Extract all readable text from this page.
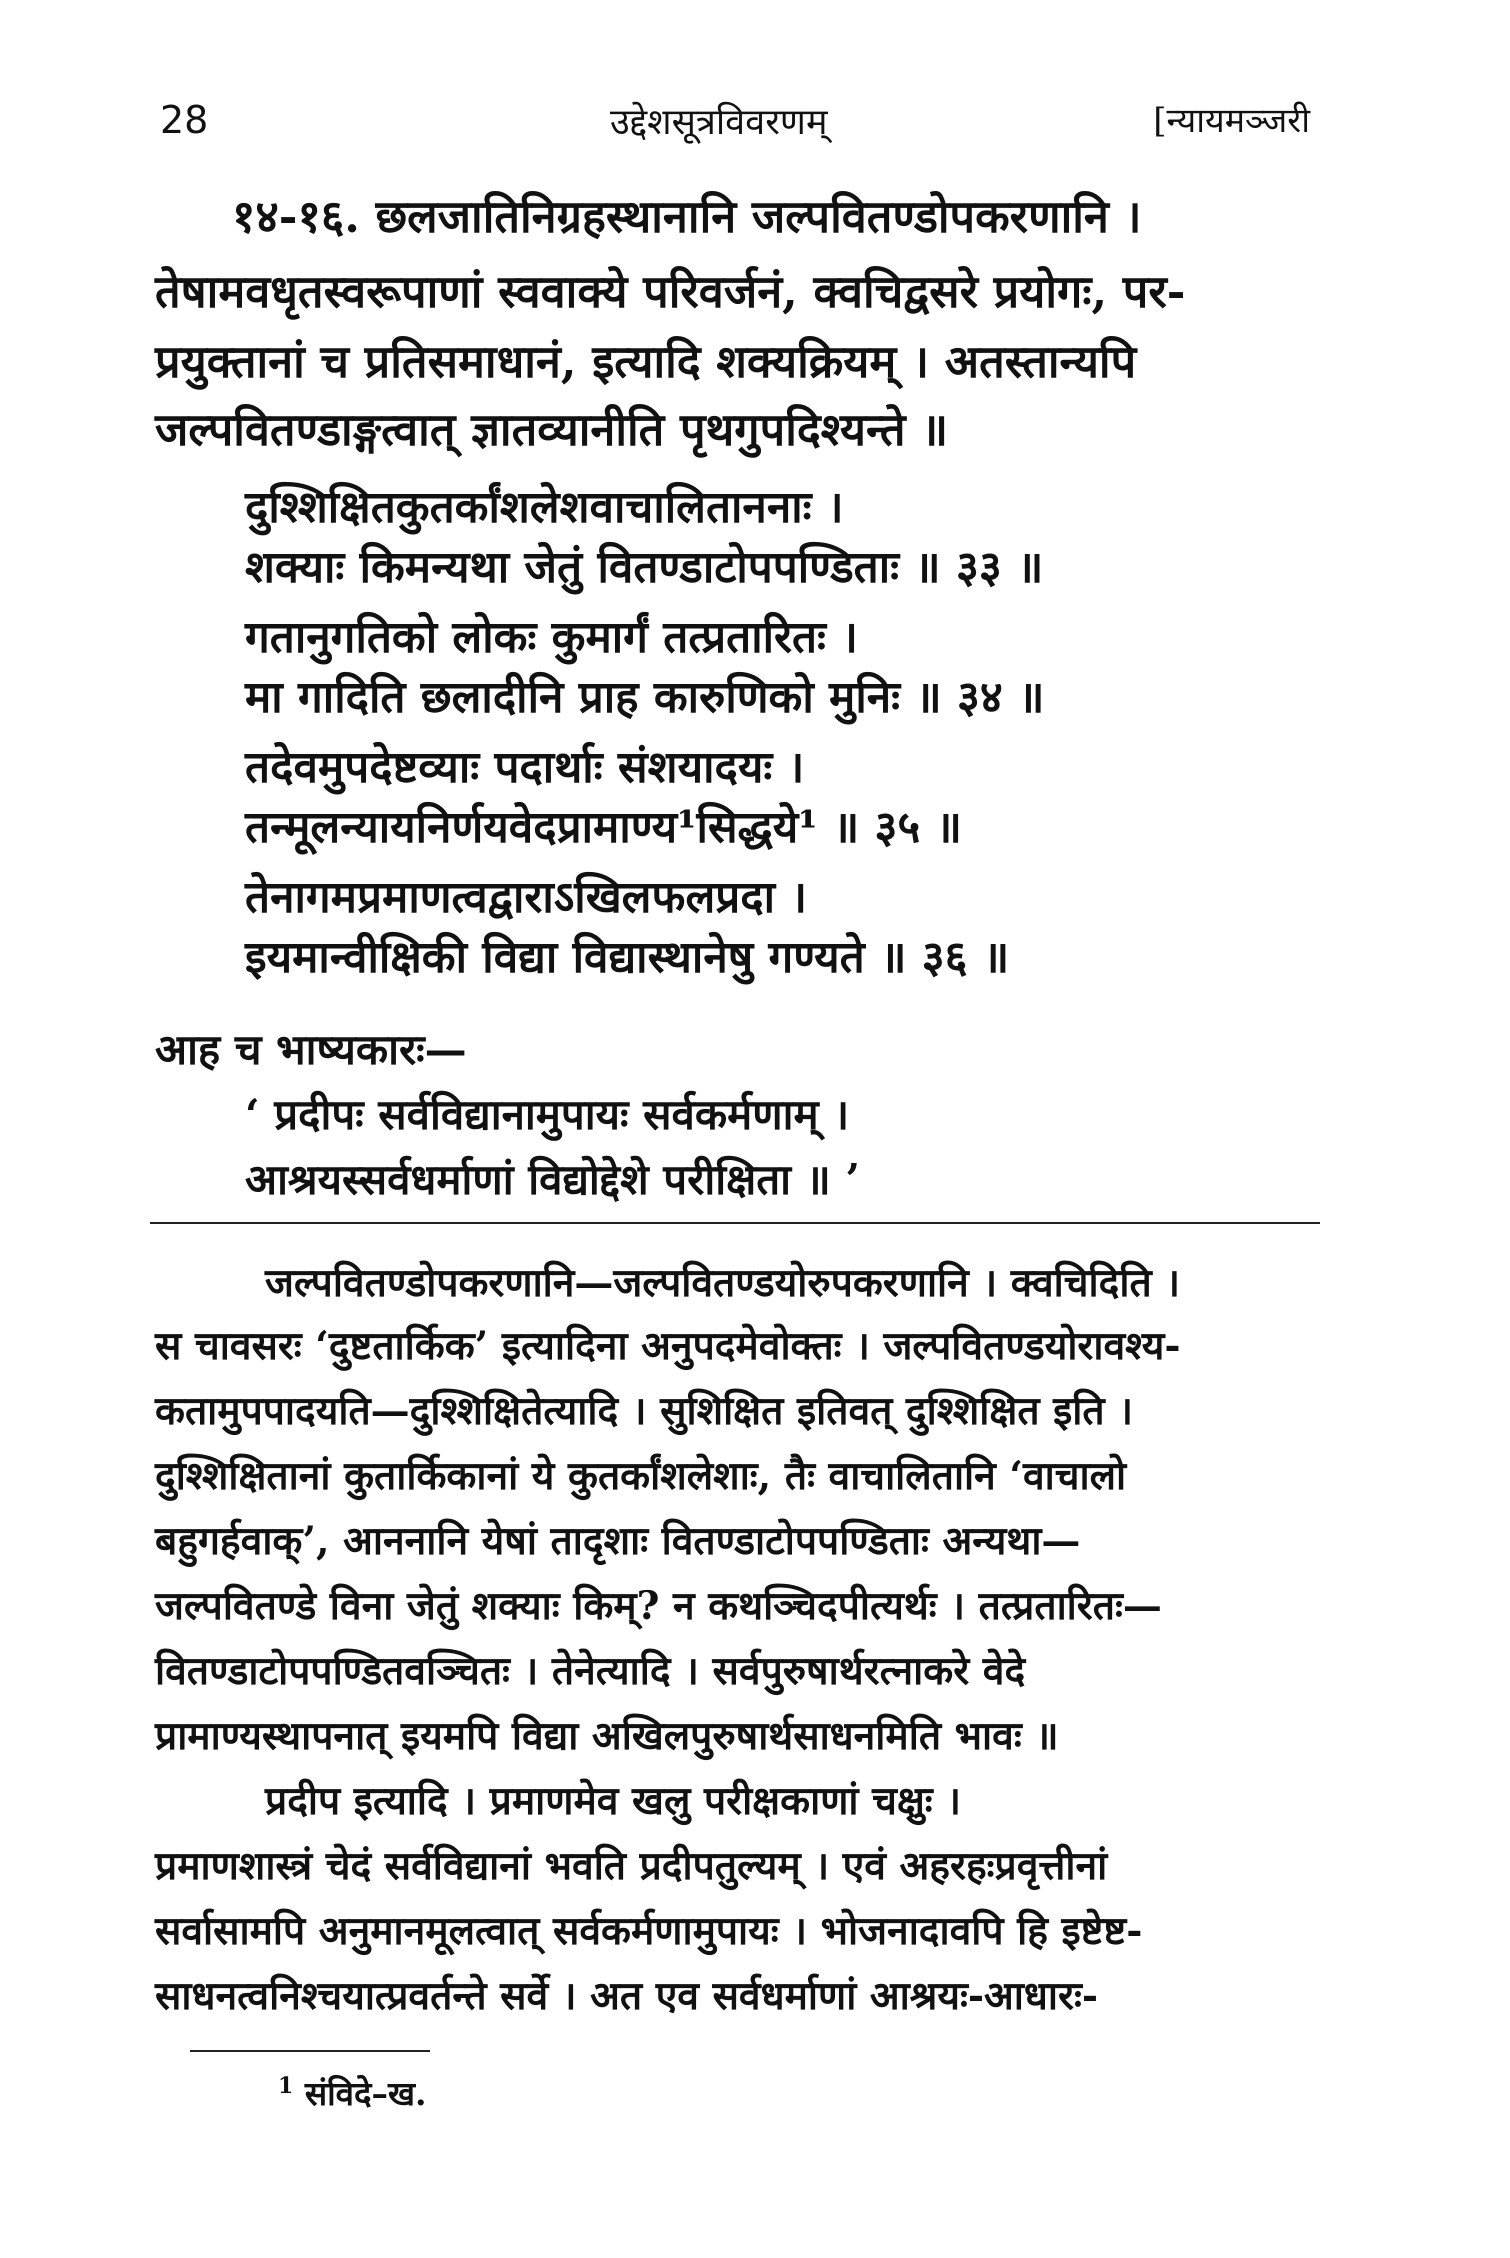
28	उद्देशसूत्रविवरणम्	[न्यायमञ्जरी
१४-१६. छलजातिनिग्रहस्थानानि जल्पवितण्डोपकरणानि ।
तेषामवधृतस्वरूपाणां स्ववाक्ये परिवर्जनं, क्वचिद्वसरे प्रयोगः, पर-
प्रयुक्तानां च प्रतिसमाधानं, इत्यादि शक्यक्रियम् । अतस्तान्यपि
जल्पवितण्डाङ्गत्वात् ज्ञातव्यानीति पृथगुपदिश्यन्ते ॥
दुश्शिक्षितकुतर्कांशलेशवाचालिताननाः ।
शक्याः किमन्यथा जेतुं वितण्डाटोपपण्डिताः ॥ ३३ ॥
गतानुगतिको लोकः कुमार्गं तत्प्रतारितः ।
मा गादिति छलादीनि प्राह कारुणिको मुनिः ॥ ३४ ॥
तदेवमुपदेष्टव्याः पदार्थाः संशयादयः ।
तन्मूलन्यायनिर्णयवेदप्रामाण्य¹सिद्धये¹ ॥ ३५ ॥
तेनागमप्रमाणत्वद्वाराऽखिलफलप्रदा ।
इयमान्वीक्षिकी विद्या विद्यास्थानेषु गण्यते ॥ ३६ ॥
आह च भाष्यकारः—
‘ प्रदीपः सर्वविद्यानामुपायः सर्वकर्मणाम् ।
आश्रयस्सर्वधर्माणां विद्योद्देशे परीक्षिता ॥ ’
जल्पवितण्डोपकरणानि—जल्पवितण्डयोरुपकरणानि । क्वचिदिति ।
स चावसरः ‘दुष्टतार्किक’ इत्यादिना अनुपदमेवोक्तः । जल्पवितण्डयोरावश्य-
कतामुपपादयति—दुश्शिक्षितेत्यादि । सुशिक्षित इतिवत् दुश्शिक्षित इति ।
दुश्शिक्षितानां कुतार्किकानां ये कुतर्कांशलेशाः, तैः वाचालितानि ‘वाचालो
बहुगर्हवाक्’, आननानि येषां तादृशाः वितण्डाटोपपण्डिताः अन्यथा—
जल्पवितण्डे विना जेतुं शक्याः किम्? न कथञ्चिदपीत्यर्थः । तत्प्रतारितः—
वितण्डाटोपपण्डितवञ्चितः । तेनेत्यादि । सर्वपुरुषार्थरत्नाकरे वेदे
प्रामाण्यस्थापनात् इयमपि विद्या अखिलपुरुषार्थसाधनमिति भावः ॥
प्रदीप इत्यादि । प्रमाणमेव खलु परीक्षकाणां चक्षुः ।
प्रमाणशास्त्रं चेदं सर्वविद्यानां भवति प्रदीपतुल्यम् । एवं अहरहःप्रवृत्तीनां
सर्वासामपि अनुमानमूलत्वात् सर्वकर्मणामुपायः । भोजनादावपि हि इष्टेष्ट-
साधनत्वनिश्चयात्प्रवर्तन्ते सर्वे । अत एव सर्वधर्माणां आश्रयः-आधारः-
$^1$ संविदे–ख.
